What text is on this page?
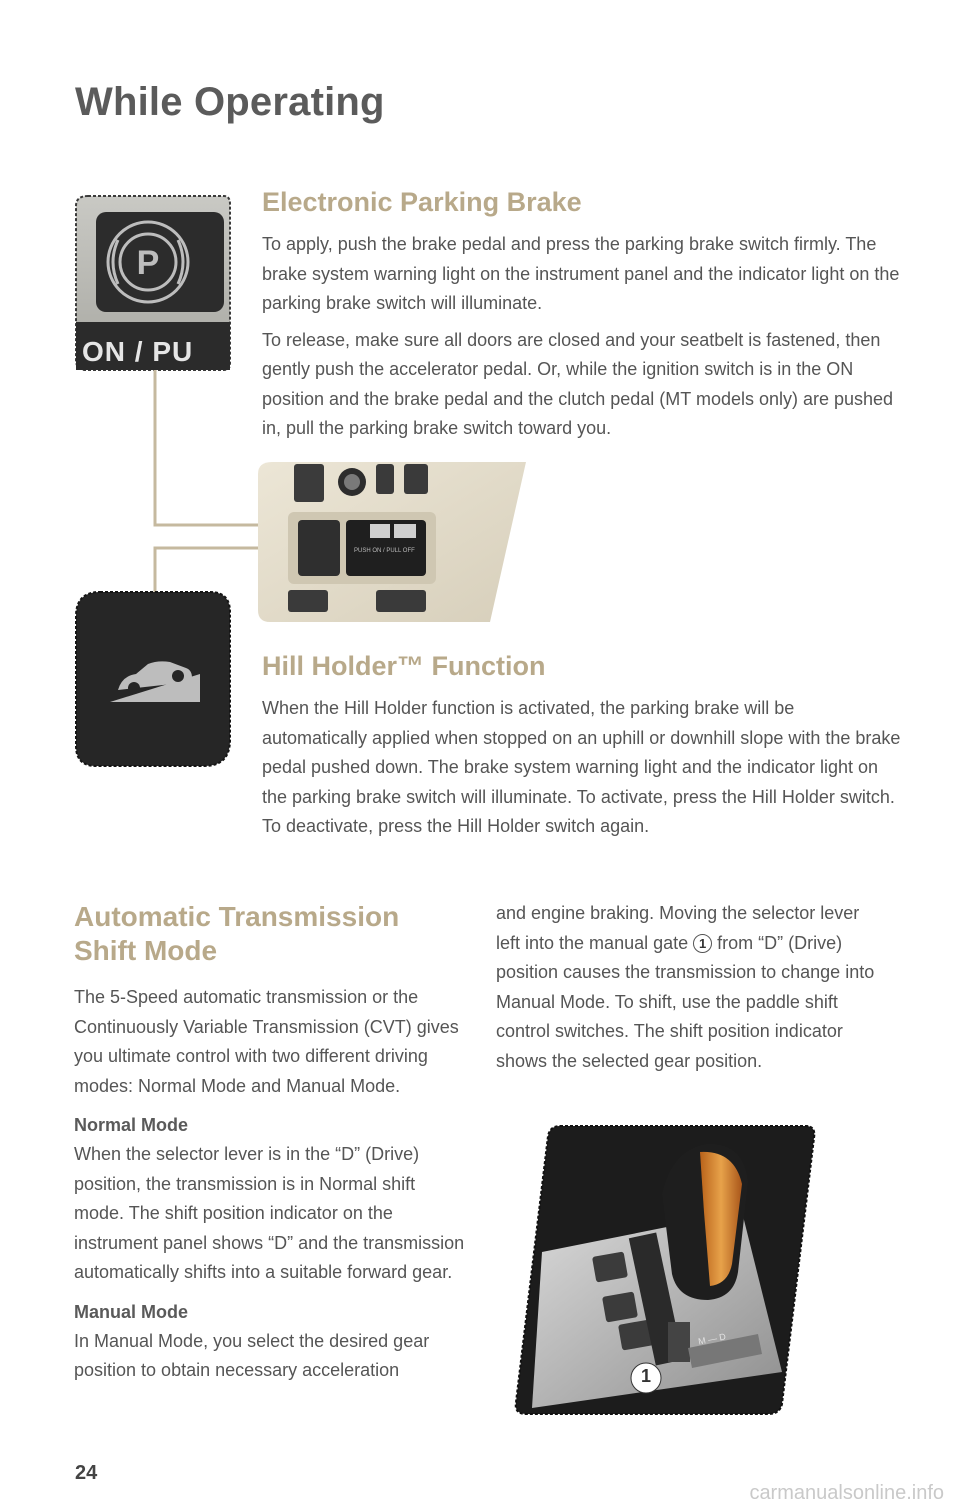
While Operating
P
ON / PU
Electronic Parking Brake

To apply, push the brake pedal and press the parking brake switch firmly. The brake system warning light on the instrument panel and the indicator light on the parking brake switch will illuminate.

To release, make sure all doors are closed and your seatbelt is fastened, then gently push the accelerator pedal. Or, while the ignition switch is in the ON position and the brake pedal and the clutch pedal (MT models only) are pushed in, pull the parking brake switch toward you.

PUSH ON / PULL OFF
Hill Holder™ Function

When the Hill Holder function is activated, the parking brake will be automatically applied when stopped on an uphill or downhill slope with the brake pedal pushed down. The brake system warning light and the indicator light on the parking brake switch will illuminate. To activate, press the Hill Holder switch. To deactivate, press the Hill Holder switch again.

Automatic Transmission
Shift Mode

The 5-Speed automatic transmission or the Continuously Variable Transmission (CVT) gives you ultimate control with two different driving modes: Normal Mode and Manual Mode.

Normal Mode

When the selector lever is in the “D” (Drive) position, the transmission is in Normal shift mode. The shift position indicator on the instrument panel shows “D” and the transmission automatically shifts into a suitable forward gear.

Manual Mode

In Manual Mode, you select the desired gear position to obtain necessary acceleration

and engine braking. Moving the selector lever left into the manual gate 1 from “D” (Drive) position causes the transmission to change into Manual Mode. To shift, use the paddle shift control switches. The shift position indicator shows the selected gear position.

M — D
1
24
carmanualsonline.info
